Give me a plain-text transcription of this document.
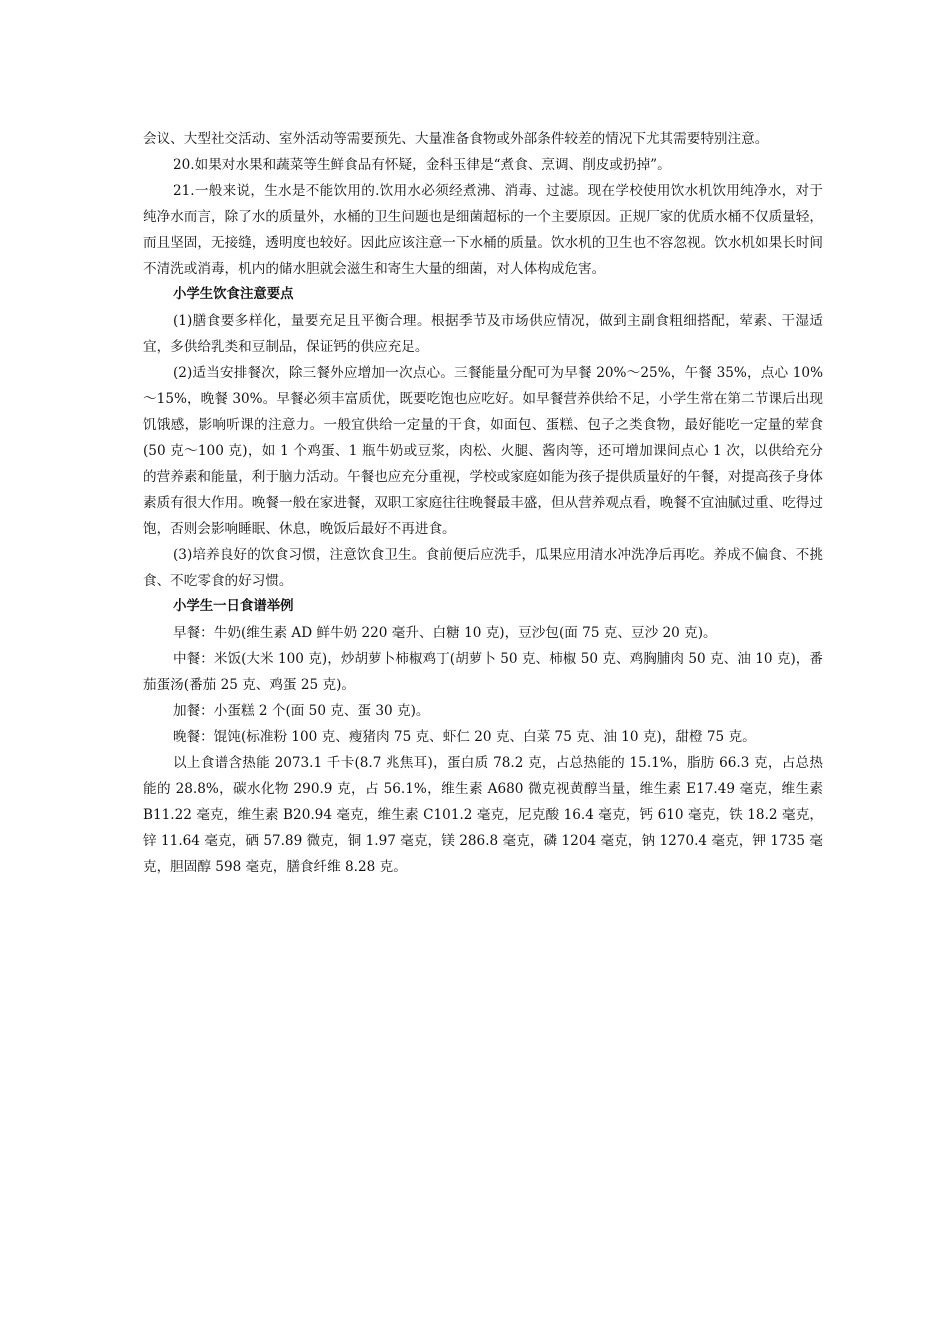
会议、大型社交活动、室外活动等需要预先、大量准备食物或外部条件较差的情况下尤其需要特别注意。

20.如果对水果和蔬菜等生鲜食品有怀疑，金科玉律是“煮食、烹调、削皮或扔掉”。

21.一般来说，生水是不能饮用的.饮用水必须经煮沸、消毒、过滤。现在学校使用饮水机饮用纯净水，对于纯净水而言，除了水的质量外，水桶的卫生问题也是细菌超标的一个主要原因。正规厂家的优质水桶不仅质量轻，而且坚固，无接缝，透明度也较好。因此应该注意一下水桶的质量。饮水机的卫生也不容忽视。饮水机如果长时间不清洗或消毒，机内的储水胆就会滋生和寄生大量的细菌，对人体构成危害。

小学生饮食注意要点

(1)膳食要多样化，量要充足且平衡合理。根据季节及市场供应情况，做到主副食粗细搭配，荤素、干湿适宜，多供给乳类和豆制品，保证钙的供应充足。

(2)适当安排餐次，除三餐外应增加一次点心。三餐能量分配可为早餐 20%～25%，午餐 35%，点心 10%～15%，晚餐 30%。早餐必须丰富质优，既要吃饱也应吃好。如早餐营养供给不足，小学生常在第二节课后出现饥饿感，影响听课的注意力。一般宜供给一定量的干食，如面包、蛋糕、包子之类食物，最好能吃一定量的荤食(50 克～100 克)，如 1 个鸡蛋、1 瓶牛奶或豆浆，肉松、火腿、酱肉等，还可增加课间点心 1 次，以供给充分的营养素和能量，利于脑力活动。午餐也应充分重视，学校或家庭如能为孩子提供质量好的午餐，对提高孩子身体素质有很大作用。晚餐一般在家进餐，双职工家庭往往晚餐最丰盛，但从营养观点看，晚餐不宜油腻过重、吃得过饱，否则会影响睡眠、休息，晚饭后最好不再进食。

(3)培养良好的饮食习惯，注意饮食卫生。食前便后应洗手，瓜果应用清水冲洗净后再吃。养成不偏食、不挑食、不吃零食的好习惯。

小学生一日食谱举例

早餐：牛奶(维生素 AD 鲜牛奶 220 毫升、白糖 10 克)，豆沙包(面 75 克、豆沙 20 克)。

中餐：米饭(大米 100 克)，炒胡萝卜柿椒鸡丁(胡萝卜 50 克、柿椒 50 克、鸡胸脯肉 50 克、油 10 克)，番茄蛋汤(番茄 25 克、鸡蛋 25 克)。

加餐：小蛋糕 2 个(面 50 克、蛋 30 克)。

晚餐：馄饨(标准粉 100 克、瘦猪肉 75 克、虾仁 20 克、白菜 75 克、油 10 克)，甜橙 75 克。

以上食谱含热能 2073.1 千卡(8.7 兆焦耳)，蛋白质 78.2 克，占总热能的 15.1%，脂肪 66.3 克，占总热能的 28.8%，碳水化物 290.9 克，占 56.1%，维生素 A680 微克视黄醇当量，维生素 E17.49 毫克，维生素 B11.22 毫克，维生素 B20.94 毫克，维生素 C101.2 毫克，尼克酸 16.4 毫克，钙 610 毫克，铁 18.2 毫克，锌 11.64 毫克，硒 57.89 微克，铜 1.97 毫克，镁 286.8 毫克，磷 1204 毫克，钠 1270.4 毫克，钾 1735 毫克，胆固醇 598 毫克，膳食纤维 8.28 克。
